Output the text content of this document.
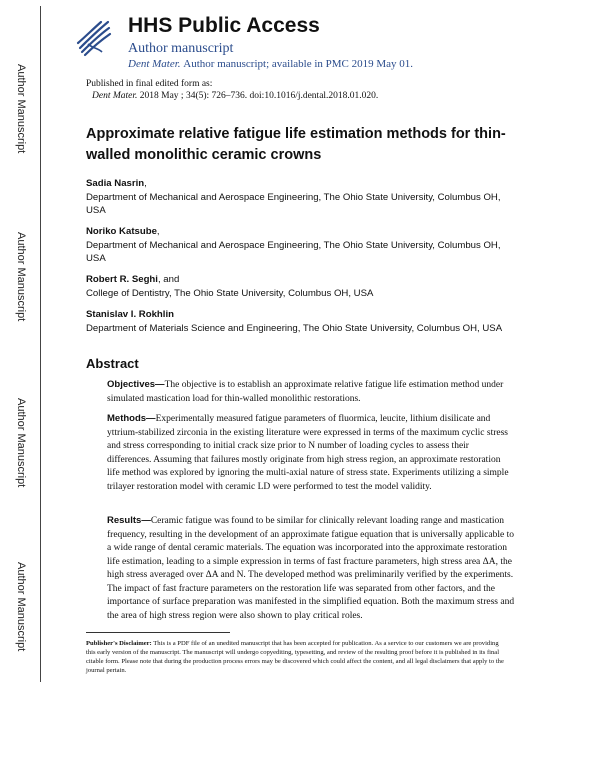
Author Manuscript
Author Manuscript
Author Manuscript
Author Manuscript
HHS Public Access
Author manuscript
Dent Mater. Author manuscript; available in PMC 2019 May 01.
Published in final edited form as:
Dent Mater. 2018 May ; 34(5): 726–736. doi:10.1016/j.dental.2018.01.020.
Approximate relative fatigue life estimation methods for thin-walled monolithic ceramic crowns
Sadia Nasrin,
Department of Mechanical and Aerospace Engineering, The Ohio State University, Columbus OH, USA
Noriko Katsube,
Department of Mechanical and Aerospace Engineering, The Ohio State University, Columbus OH, USA
Robert R. Seghi, and
College of Dentistry, The Ohio State University, Columbus OH, USA
Stanislav I. Rokhlin
Department of Materials Science and Engineering, The Ohio State University, Columbus OH, USA
Abstract
Objectives—The objective is to establish an approximate relative fatigue life estimation method under simulated mastication load for thin-walled monolithic restorations.
Methods—Experimentally measured fatigue parameters of fluormica, leucite, lithium disilicate and yttrium-stabilized zirconia in the existing literature were expressed in terms of the maximum cyclic stress and stress corresponding to initial crack size prior to N number of loading cycles to assess their differences. Assuming that failures mostly originate from high stress region, an approximate restoration life method was explored by ignoring the multi-axial nature of stress state. Experiments utilizing a simple trilayer restoration model with ceramic LD were performed to test the model validity.
Results—Ceramic fatigue was found to be similar for clinically relevant loading range and mastication frequency, resulting in the development of an approximate fatigue equation that is universally applicable to a wide range of dental ceramic materials. The equation was incorporated into the approximate restoration life estimation, leading to a simple expression in terms of fast fracture parameters, high stress area ΔA, the high stress averaged over ΔA and N. The developed method was preliminarily verified by the experiments. The impact of fast fracture parameters on the restoration life was separated from other factors, and the importance of surface preparation was manifested in the simplified equation. Both the maximum stress and the area of high stress region were also shown to play critical roles.
Publisher's Disclaimer: This is a PDF file of an unedited manuscript that has been accepted for publication. As a service to our customers we are providing this early version of the manuscript. The manuscript will undergo copyediting, typesetting, and review of the resulting proof before it is published in its final citable form. Please note that during the production process errors may be discovered which could affect the content, and all legal disclaimers that apply to the journal pertain.
